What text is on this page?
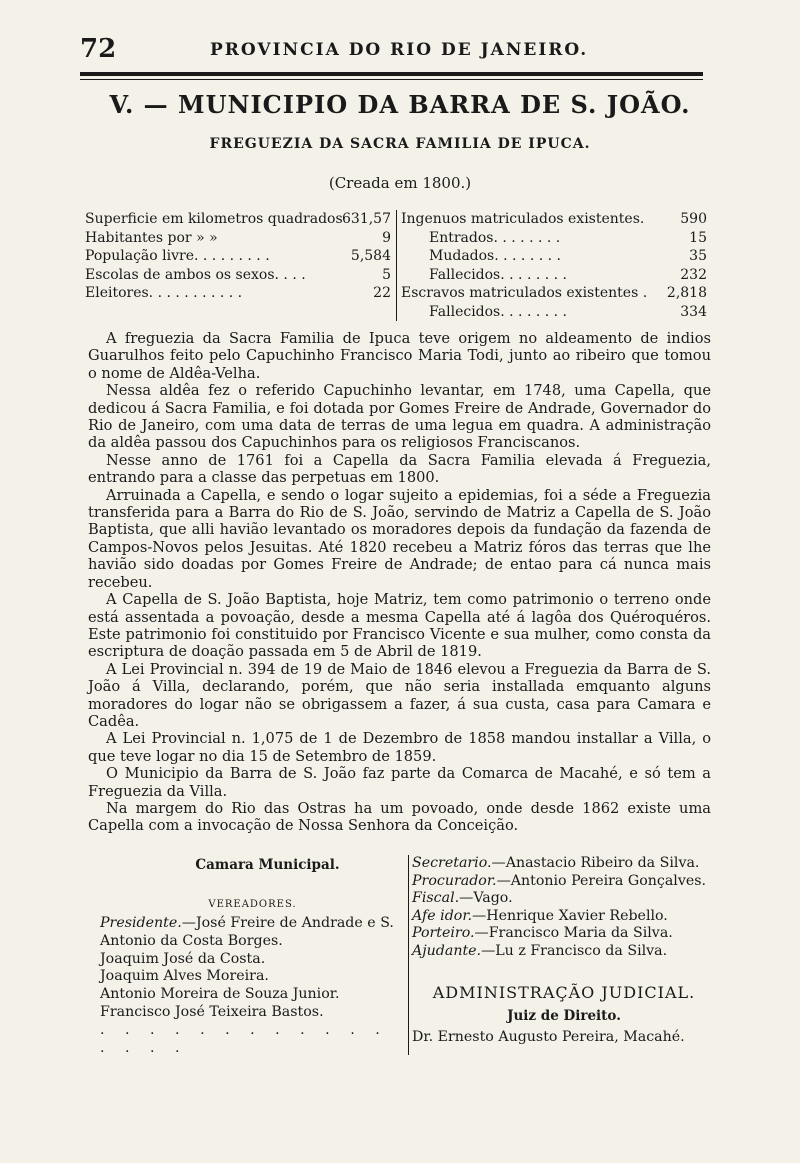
72	PROVINCIA DO RIO DE JANEIRO.
V. — MUNICIPIO DA BARRA DE S. JOÃO.
FREGUEZIA DA SACRA FAMILIA DE IPUCA.
(Creada em 1800.)
Superficie em kilometros quadrados 631,57
Habitantes por » »	9
População livre. . . . . . . . .	5,584
Escolas de ambos os sexos. . . .	5
Eleitores. . . . . . . . . . .	22
Ingenuos matriculados existentes.	590
Entrados. . . . . . . .	15
Mudados. . . . . . . .	35
Fallecidos. . . . . . . .	232
Escravos matriculados existentes . 2,818
Fallecidos. . . . . . . .	334

A freguezia da Sacra Familia de Ipuca teve origem no aldeamento de indios Guarulhos feito pelo Capuchinho Francisco Maria Todi, junto ao ribeiro que tomou o nome de Aldêa-Velha.

Nessa aldêa fez o referido Capuchinho levantar, em 1748, uma Capella, que dedicou á Sacra Familia, e foi dotada por Gomes Freire de Andrade, Governador do Rio de Janeiro, com uma data de terras de uma legua em quadra. A administração da aldêa passou dos Capuchinhos para os religiosos Franciscanos.

Nesse anno de 1761 foi a Capella da Sacra Familia elevada á Freguezia, entrando para a classe das perpetuas em 1800.

Arruinada a Capella, e sendo o logar sujeito a epidemias, foi a séde a Freguezia transferida para a Barra do Rio de S. João, servindo de Matriz a Capella de S. João Baptista, que alli havião levantado os moradores depois da fundação da fazenda de Campos-Novos pelos Jesuitas. Até 1820 recebeu a Matriz fóros das terras que lhe havião sido doadas por Gomes Freire de Andrade; de entao para cá nunca mais recebeu.

A Capella de S. João Baptista, hoje Matriz, tem como patrimonio o terreno onde está assentada a povoação, desde a mesma Capella até á lagôa dos Quéroquéros. Este patrimonio foi constituido por Francisco Vicente e sua mulher, como consta da escriptura de doação passada em 5 de Abril de 1819.

A Lei Provincial n. 394 de 19 de Maio de 1846 elevou a Freguezia da Barra de S. João á Villa, declarando, porém, que não seria installada emquanto alguns moradores do logar não se obrigassem a fazer, á sua custa, casa para Camara e Cadêa.

A Lei Provincial n. 1,075 de 1 de Dezembro de 1858 mandou installar a Villa, o que teve logar no dia 15 de Setembro de 1859.

O Municipio da Barra de S. João faz parte da Comarca de Macahé, e só tem a Freguezia da Villa.

Na margem do Rio das Ostras ha um povoado, onde desde 1862 existe uma Capella com a invocação de Nossa Senhora da Conceição.

Camara Municipal.
VEREADORES.
Presidente.—José Freire de Andrade e S.
Antonio da Costa Borges.
Joaquim José da Costa.
Joaquim Alves Moreira.
Antonio Moreira de Souza Junior.
Francisco José Teixeira Bastos.
. . . . . . . . . . . . . . . .
Secretario.—Anastacio Ribeiro da Silva.
Procurador.—Antonio Pereira Gonçalves.
Fiscal.—Vago.
Afe idor.—Henrique Xavier Rebello.
Porteiro.—Francisco Maria da Silva.
Ajudante.—Lu z Francisco da Silva.
ADMINISTRAÇÃO JUDICIAL.
Juiz de Direito.
Dr. Ernesto Augusto Pereira, Macahé.
